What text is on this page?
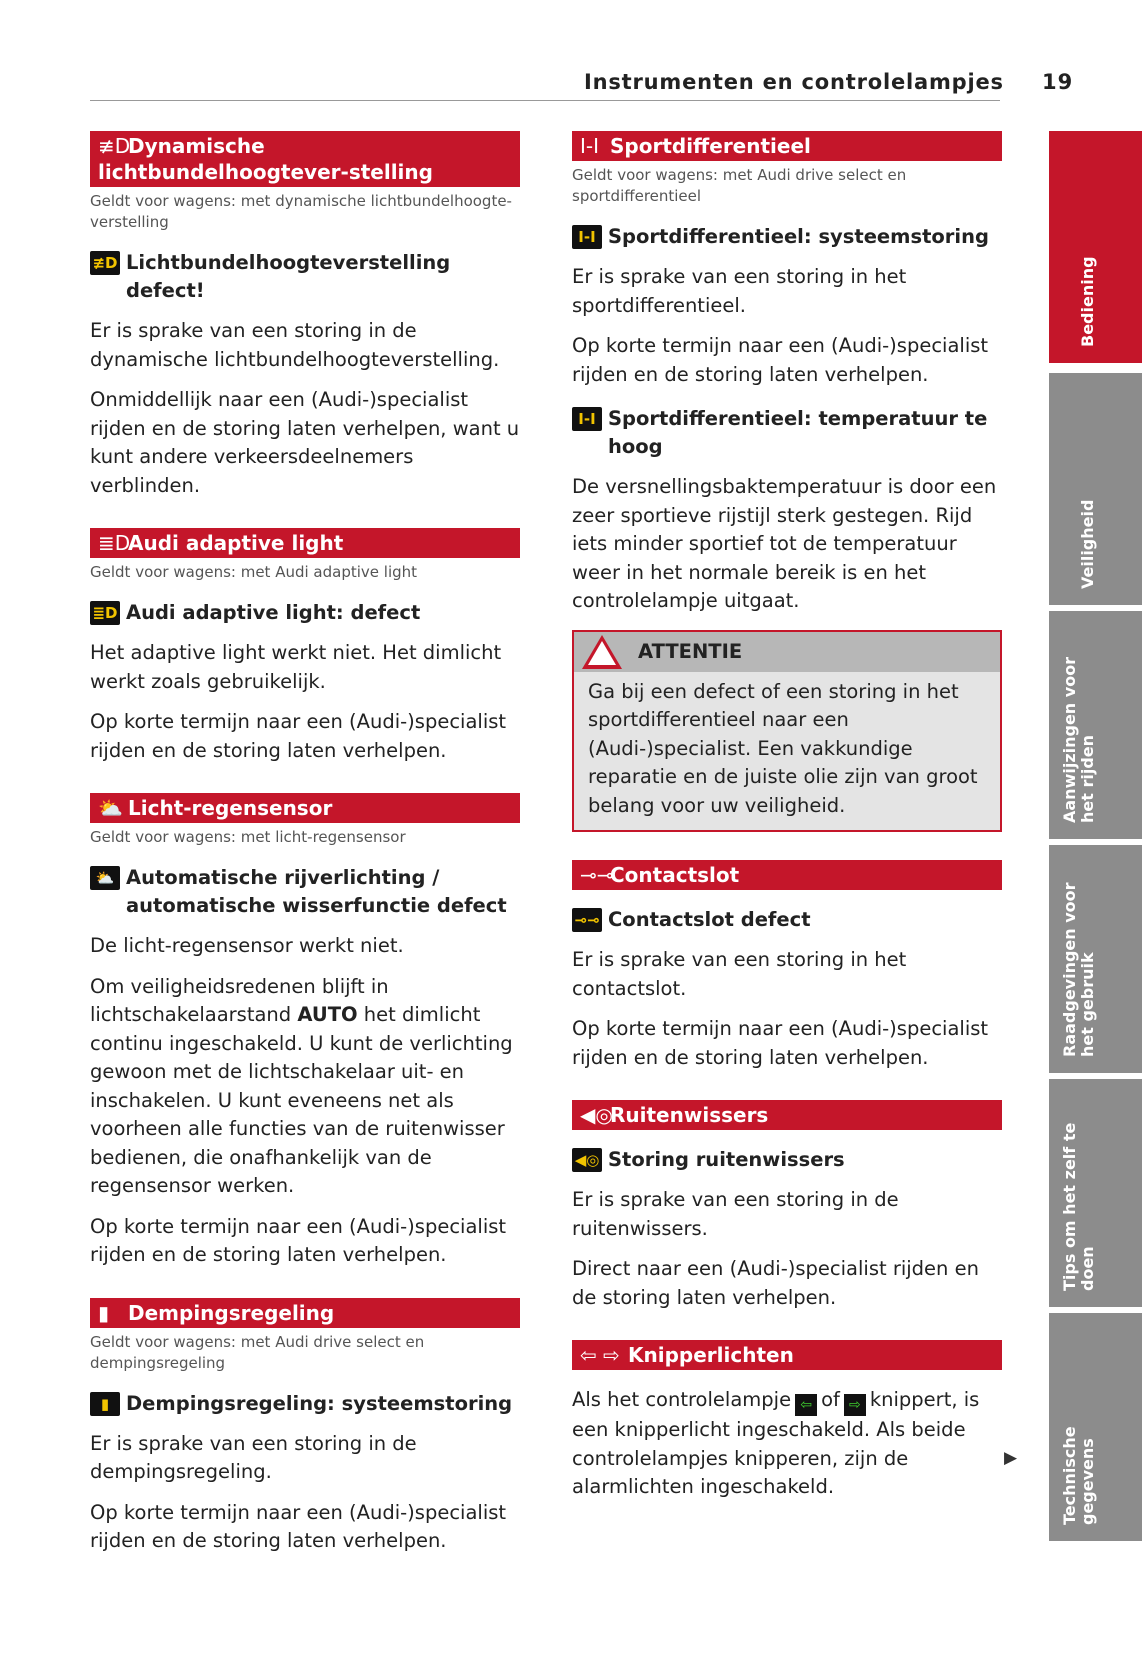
Instrumenten en controlelampjes 19
≢DDynamische lichtbundelhoogtever-stelling
Geldt voor wagens: met dynamische lichtbundelhoogte-verstelling
≢D Lichtbundelhoogteverstelling defect!
Er is sprake van een storing in de dynamische lichtbundelhoogteverstelling.
Onmiddellijk naar een (Audi-)specialist rijden en de storing laten verhelpen, want u kunt andere verkeersdeelnemers verblinden.
≣DAudi adaptive light
Geldt voor wagens: met Audi adaptive light
≣D Audi adaptive light: defect
Het adaptive light werkt niet. Het dimlicht werkt zoals gebruikelijk.
Op korte termijn naar een (Audi-)specialist rijden en de storing laten verhelpen.
⛅ Licht-regensensor
Geldt voor wagens: met licht-regensensor
⛅ Automatische rijverlichting / automatische wisserfunctie defect
De licht-regensensor werkt niet.
Om veiligheidsredenen blijft in lichtschakelaarstand AUTO het dimlicht continu ingeschakeld. U kunt de verlichting gewoon met de lichtschakelaar uit- en inschakelen. U kunt eveneens net als voorheen alle functies van de ruitenwisser bedienen, die onafhankelijk van de regensensor werken.
Op korte termijn naar een (Audi-)specialist rijden en de storing laten verhelpen.
▮ Dempingsregeling
Geldt voor wagens: met Audi drive select en dempingsregeling
▮ Dempingsregeling: systeemstoring
Er is sprake van een storing in de dempingsregeling.
Op korte termijn naar een (Audi-)specialist rijden en de storing laten verhelpen.
Ⅰ-Ⅰ Sportdifferentieel
Geldt voor wagens: met Audi drive select en sportdifferentieel
Ⅰ-Ⅰ Sportdifferentieel: systeemstoring
Er is sprake van een storing in het sportdifferentieel.
Op korte termijn naar een (Audi-)specialist rijden en de storing laten verhelpen.
Ⅰ-Ⅰ Sportdifferentieel: temperatuur te hoog
De versnellingsbaktemperatuur is door een zeer sportieve rijstijl sterk gestegen. Rijd iets minder sportief tot de temperatuur weer in het normale bereik is en het controlelampje uitgaat.
! ATTENTIE
Ga bij een defect of een storing in het sportdifferentieel naar een (Audi-)specialist. Een vakkundige reparatie en de juiste olie zijn van groot belang voor uw veiligheid.
⊸⊸Contactslot
⊸⊸ Contactslot defect
Er is sprake van een storing in het contactslot.
Op korte termijn naar een (Audi-)specialist rijden en de storing laten verhelpen.
◀◎Ruitenwissers
◀◎ Storing ruitenwissers
Er is sprake van een storing in de ruitenwissers.
Direct naar een (Audi-)specialist rijden en de storing laten verhelpen.
⇦ ⇨ Knipperlichten
Als het controlelampje ⇦ of ⇨ knippert, is een knipperlicht ingeschakeld. Als beide controlelampjes knipperen, zijn de alarmlichten ingeschakeld.
▶
Bediening
Veiligheid
Aanwijzingen voor het rijden
Raadgevingen voor het gebruik
Tips om het zelf te doen
Technische gegevens
